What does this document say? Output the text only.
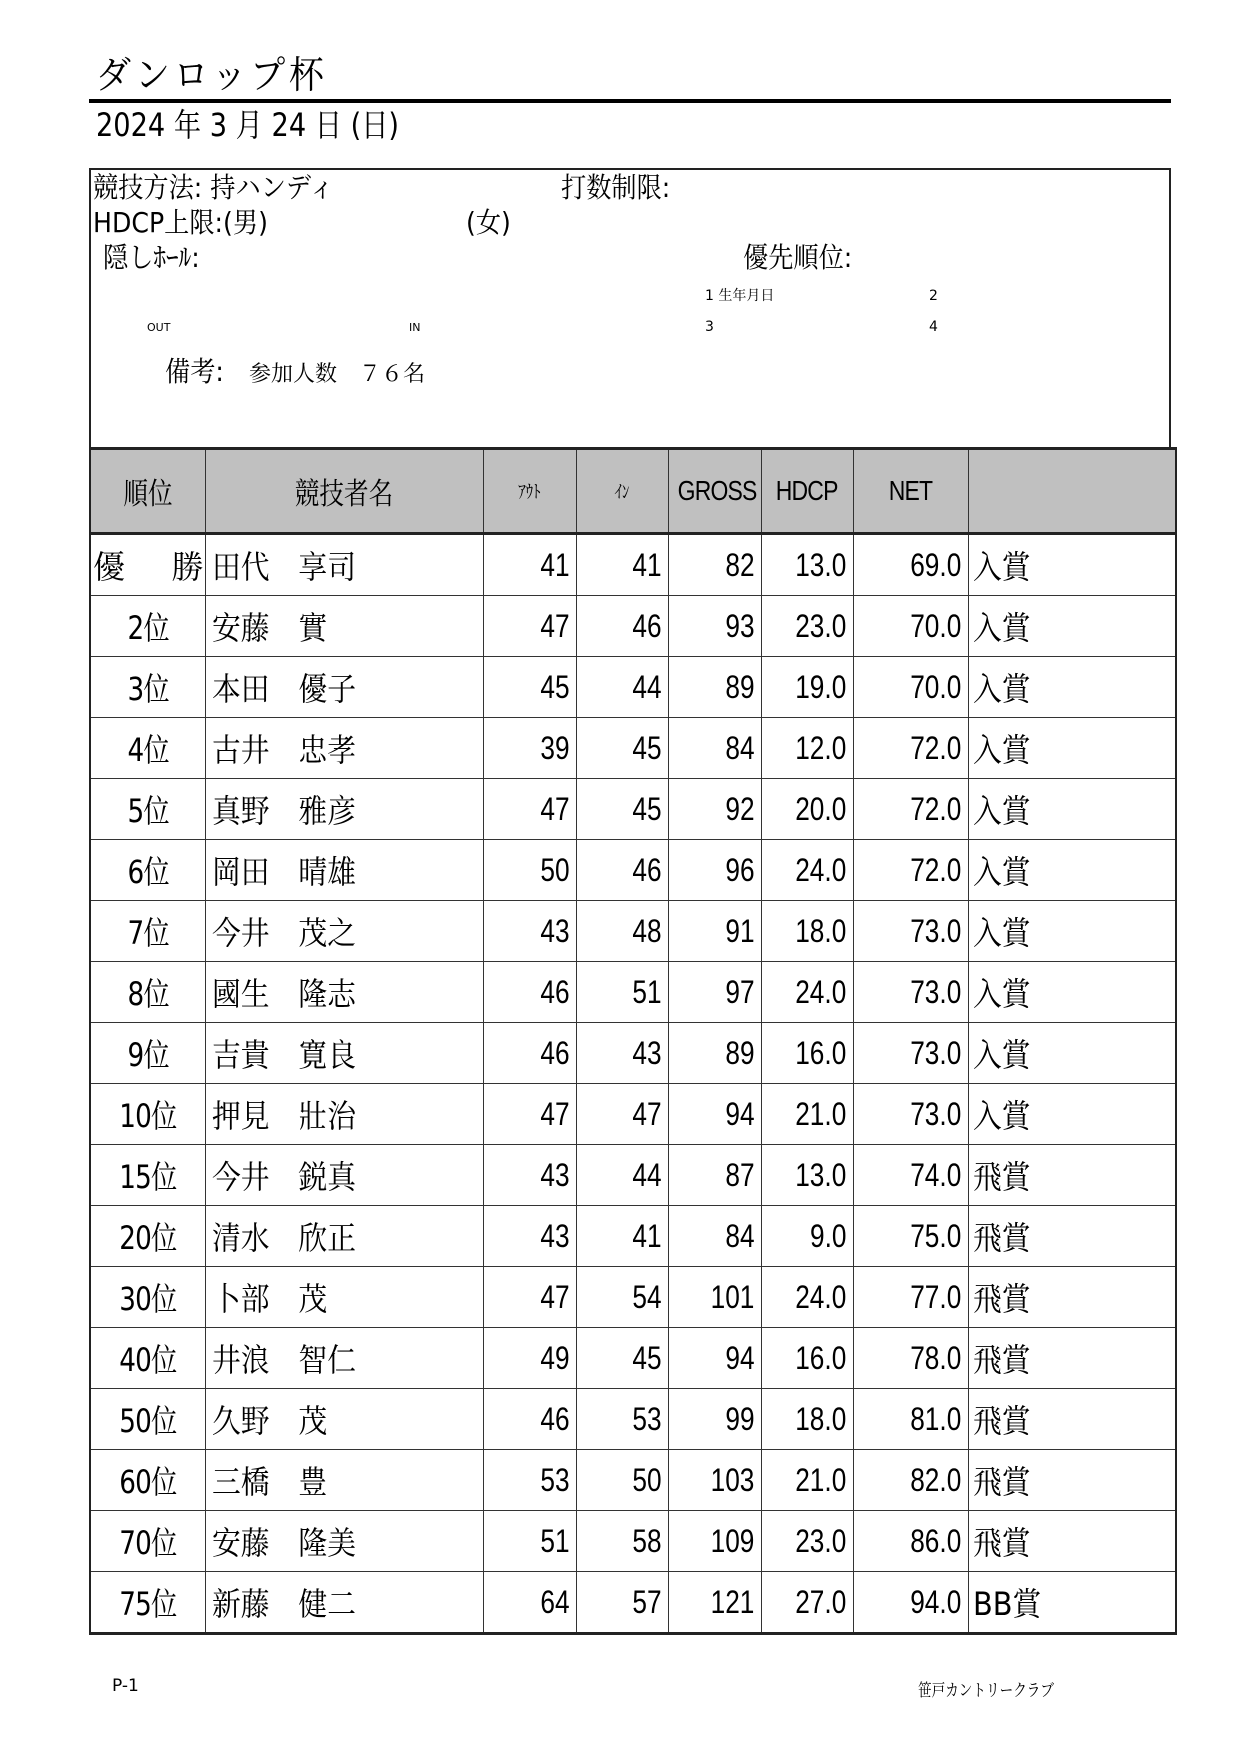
ダンロップ杯
2024 年 3 月 24 日 (日)
競技方法: 持ハンディ	打数制限:
HDCP上限:(男)	(女)
隠しﾎｰﾙ:	優先順位:
1 生年月日	2
OUT	IN	3	4
備考: 参加人数　７６名
順位	競技者名	ｱｳﾄ	ｲﾝ	GROSS	HDCP	NET	
優　勝	田代　享司	41	41	82	13.0	69.0	入賞
2位	安藤　實	47	46	93	23.0	70.0	入賞
3位	本田　優子	45	44	89	19.0	70.0	入賞
4位	古井　忠孝	39	45	84	12.0	72.0	入賞
5位	真野　雅彦	47	45	92	20.0	72.0	入賞
6位	岡田　晴雄	50	46	96	24.0	72.0	入賞
7位	今井　茂之	43	48	91	18.0	73.0	入賞
8位	國生　隆志	46	51	97	24.0	73.0	入賞
9位	吉貴　寛良	46	43	89	16.0	73.0	入賞
10位	押見　壯治	47	47	94	21.0	73.0	入賞
15位	今井　鋭真	43	44	87	13.0	74.0	飛賞
20位	清水　欣正	43	41	84	9.0	75.0	飛賞
30位	卜部　茂	47	54	101	24.0	77.0	飛賞
40位	井浪　智仁	49	45	94	16.0	78.0	飛賞
50位	久野　茂	46	53	99	18.0	81.0	飛賞
60位	三橋　豊	53	50	103	21.0	82.0	飛賞
70位	安藤　隆美	51	58	109	23.0	86.0	飛賞
75位	新藤　健二	64	57	121	27.0	94.0	BB賞
P-1	笹戸カントリークラブ
